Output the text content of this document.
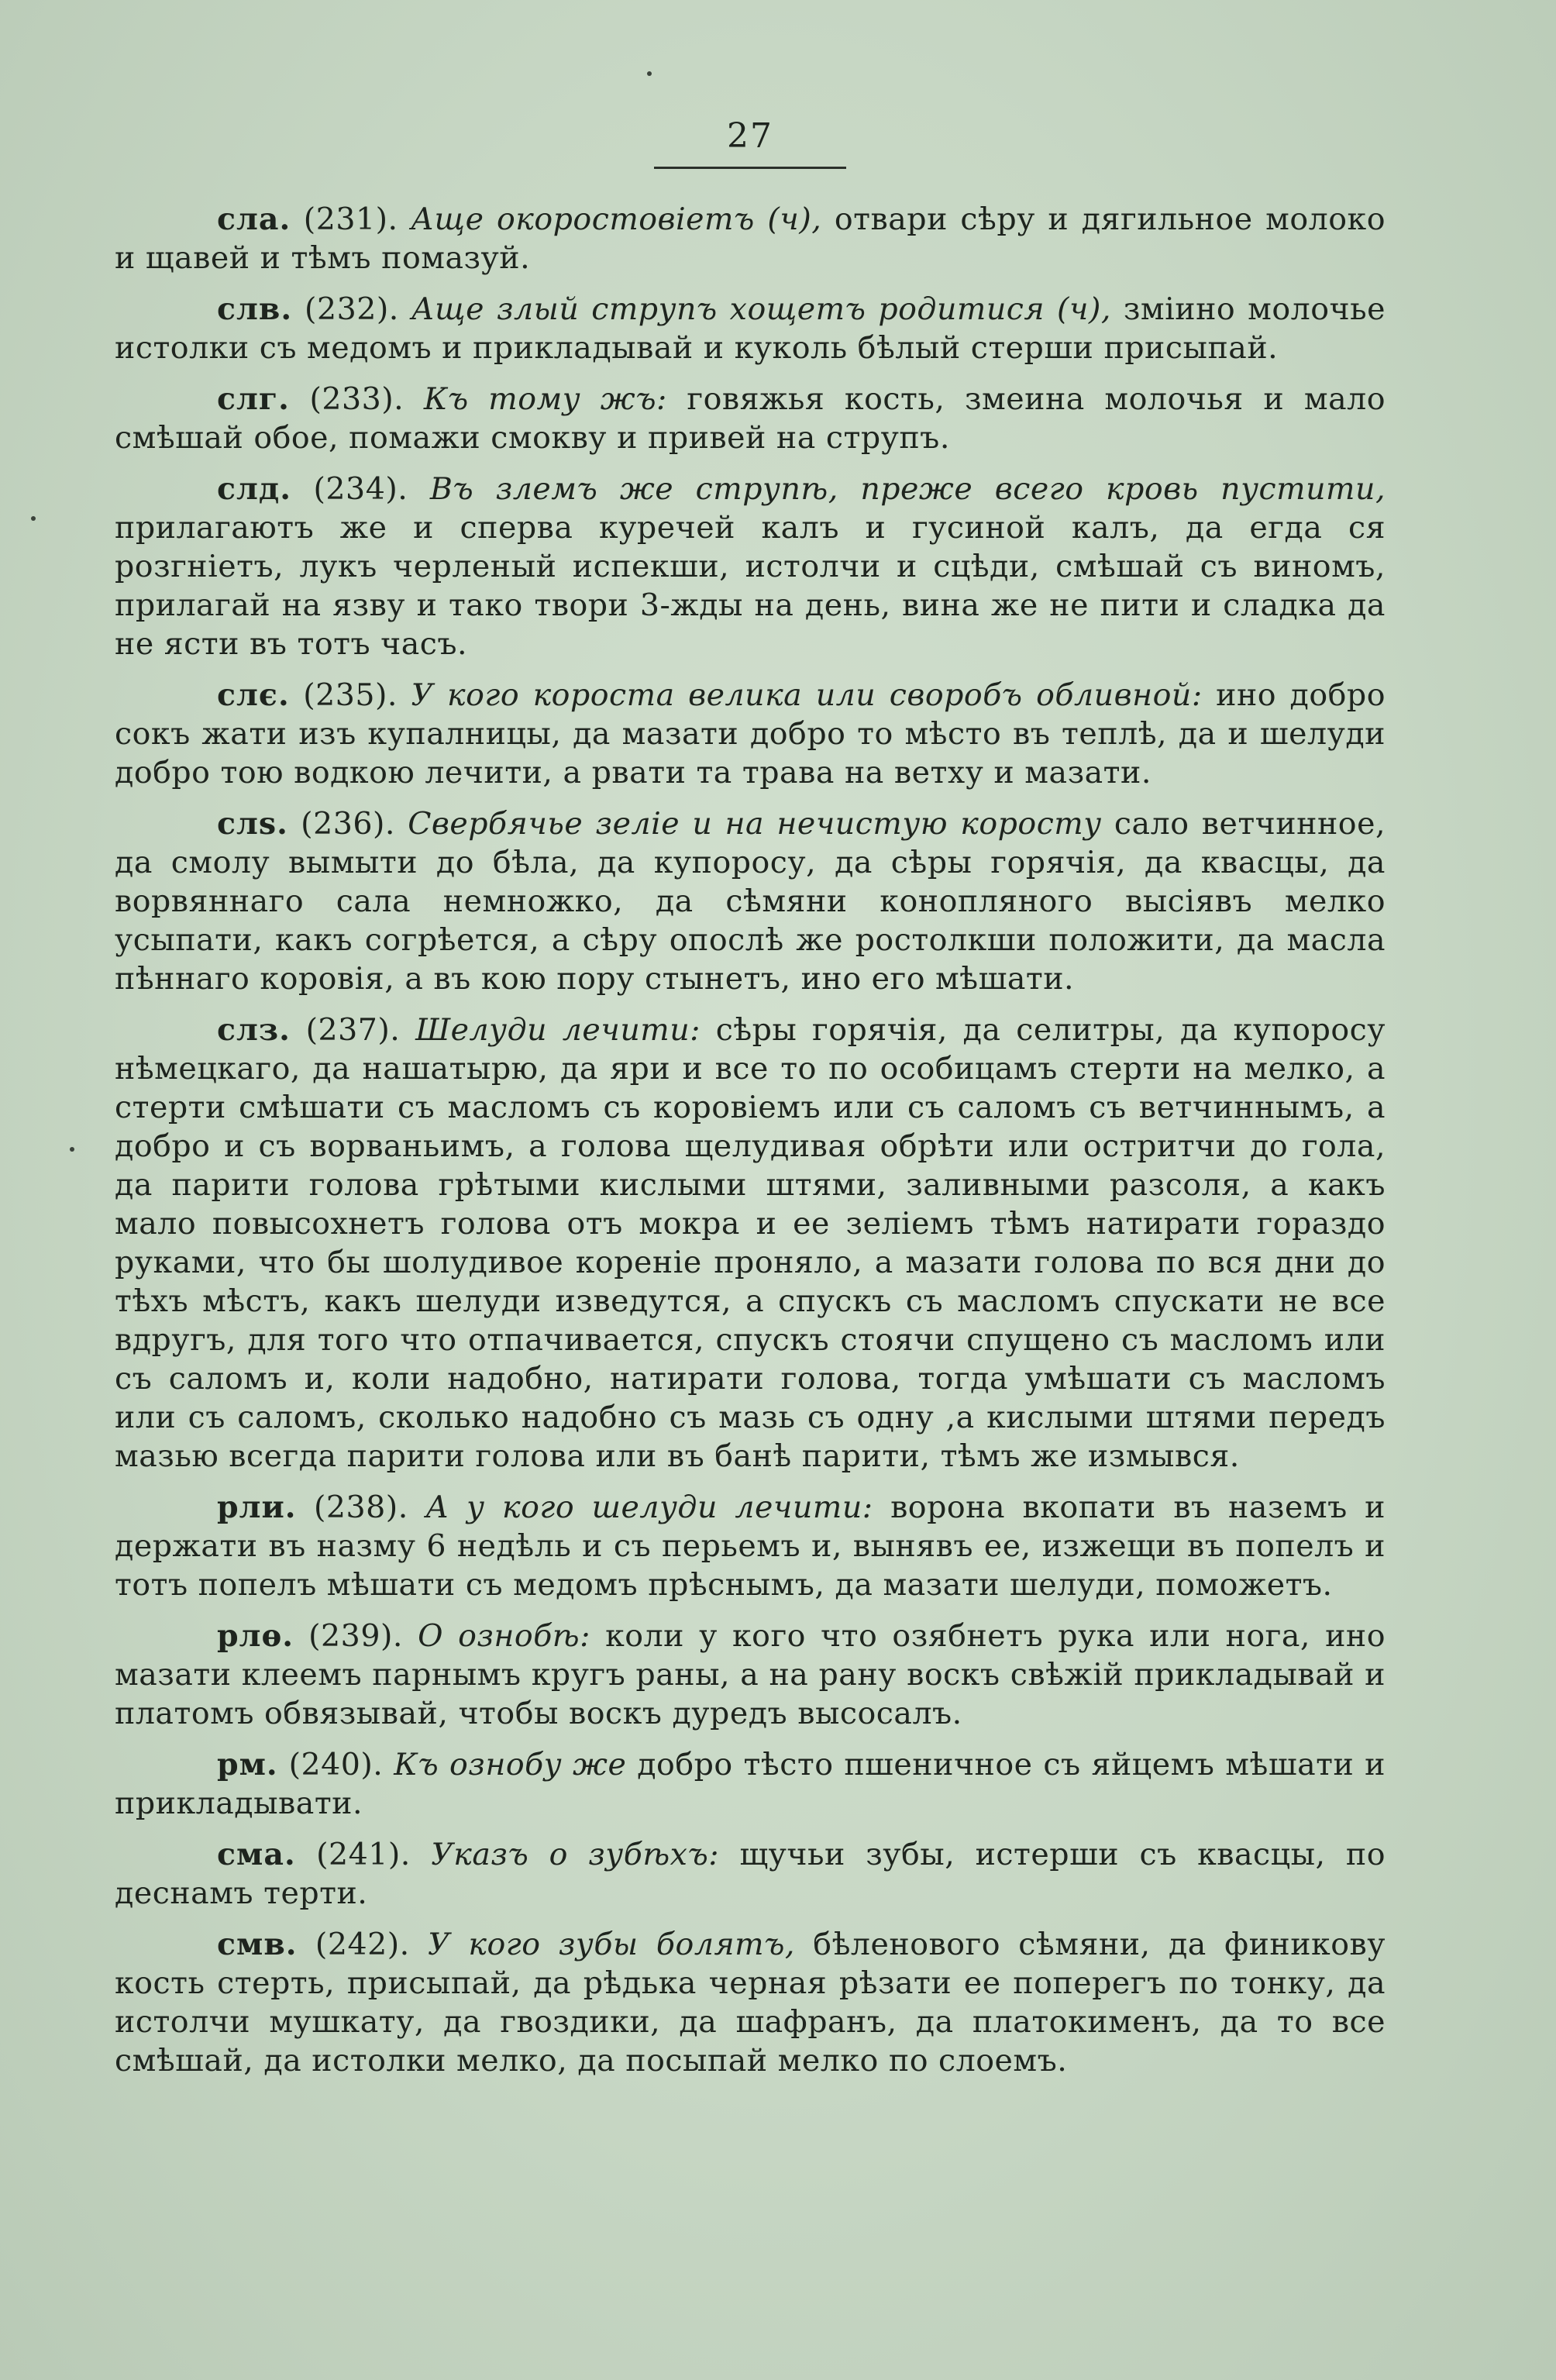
27

сла. (231). Аще окоростовіетъ (ч), отвари сѣру и дягильное молоко и щавей и тѣмъ помазуй.

слв. (232). Аще злый струпъ хощетъ родитися (ч), зміино молочье истолки съ медомъ и прикладывай и куколь бѣлый стерши присыпай.

слг. (233). Къ тому жъ: говяжья кость, змеина молочья и мало смѣшай обое, помажи смокву и привей на струпъ.

слд. (234). Въ злемъ же струпѣ, преже всего кровь пустити, прилагаютъ же и сперва куречей калъ и гусиной калъ, да егда ся розгніетъ, лукъ черленый испекши, истолчи и сцѣди, смѣшай съ виномъ, прилагай на язву и тако твори 3-жды на день, вина же не пити и сладка да не ясти въ тотъ часъ.

слє. (235). У кого короста велика или своробъ обливной: ино добро сокъ жати изъ купалницы, да мазати добро то мѣсто въ теплѣ, да и шелуди добро тою водкою лечити, а рвати та трава на ветху и мазати.

слѕ. (236). Свербячье зеліе и на нечистую коросту сало ветчинное, да смолу вымыти до бѣла, да купоросу, да сѣры горячія, да квасцы, да ворвяннаго сала немножко, да сѣмяни конопляного высіявъ мелко усыпати, какъ согрѣется, а сѣру опослѣ же ростолкши положити, да масла пѣннаго коровія, а въ кою пору стынетъ, ино его мѣшати.

слз. (237). Шелуди лечити: сѣры горячія, да селитры, да купоросу нѣмецкаго, да нашатырю, да яри и все то по особицамъ стерти на мелко, а стерти смѣшати съ масломъ съ коровіемъ или съ саломъ съ ветчиннымъ, а добро и съ ворваньимъ, а голова щелудивая обрѣти или остритчи до гола, да парити голова грѣтыми кислыми штями, заливными разсоля, а какъ мало повысохнетъ голова отъ мокра и ее зеліемъ тѣмъ натирати гораздо руками, что бы шолудивое кореніе проняло, а мазати голова по вся дни до тѣхъ мѣстъ, какъ шелуди изведутся, а спускъ съ масломъ спускати не все вдругъ, для того что отпачивается, спускъ стоячи спущено съ масломъ или съ саломъ и, коли надобно, натирати голова, тогда умѣшати съ масломъ или съ саломъ, сколько надобно съ мазь съ одну ,а кислыми штями передъ мазью всегда парити голова или въ банѣ парити, тѣмъ же измывся.

рли. (238). А у кого шелуди лечити: ворона вкопати въ наземъ и держати въ назму 6 недѣль и съ перьемъ и, вынявъ ее, изжещи въ попелъ и тотъ попелъ мѣшати съ медомъ прѣснымъ, да мазати шелуди, поможетъ.

рлѳ. (239). О ознобѣ: коли у кого что озябнетъ рука или нога, ино мазати клеемъ парнымъ кругъ раны, а на рану воскъ свѣжій прикладывай и платомъ обвязывай, чтобы воскъ дуредъ высосалъ.

рм. (240). Къ ознобу же добро тѣсто пшеничное съ яйцемъ мѣшати и прикладывати.

сма. (241). Указъ о зубѣхъ: щучьи зубы, истерши съ квасцы, по деснамъ терти.

смв. (242). У кого зубы болятъ, бѣленового сѣмяни, да финикову кость стерть, присыпай, да рѣдька черная рѣзати ее поперегъ по тонку, да истолчи мушкату, да гвоздики, да шафранъ, да платокименъ, да то все смѣшай, да истолки мелко, да посыпай мелко по слоемъ.
